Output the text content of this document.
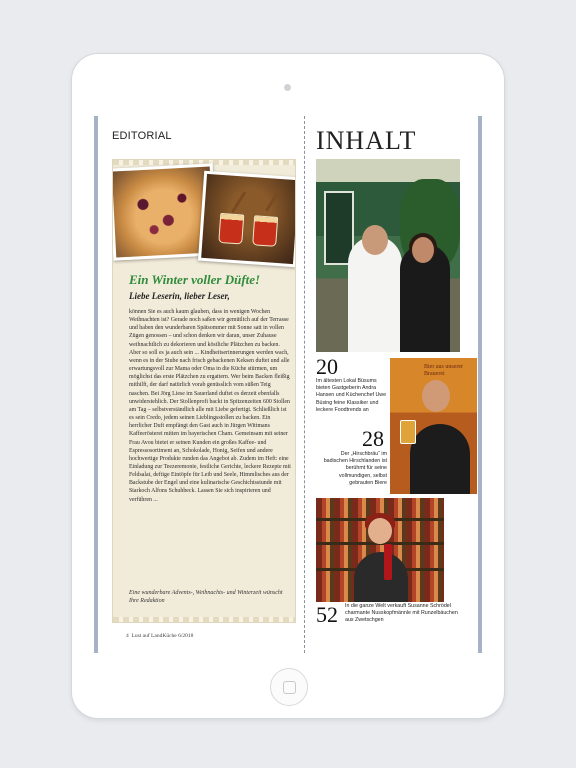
EDITORIAL
Ein Winter voller Düfte!
Liebe Leserin, lieber Leser,

können Sie es auch kaum glauben, dass in wenigen Wochen Weihnachten ist? Gerade noch saßen wir gemütlich auf der Terrasse und haben den wunderbaren Spätsommer mit Sonne satt in vollen Zügen genossen – und schon denken wir daran, unser Zuhause weihnachtlich zu dekorieren und köstliche Plätzchen zu backen. Aber so soll es ja auch sein ... Kindheitserinnerungen werden wach, wenn es in der Stube nach frisch gebackenen Keksen duftet und alle erwartungsvoll zur Mama oder Oma in die Küche stürmen, um möglichst das erste Plätzchen zu ergattern. Wer beim Backen fleißig mithilft, der darf natürlich vorab genüsslich vom süßen Teig naschen. Bei Jörg Liese im Sauerland duftet es derzeit ebenfalls unwiderstehlich. Der Stollenprofi backt in Spitzenzeiten 600 Stollen am Tag – selbstverständlich alle mit Liebe gefertigt. Schließlich ist es sein Credo, jedem seinen Lieblingsstollen zu backen. Ein herrlicher Duft empfängt den Gast auch in Jürgen Wittmans Kaffeerösterei mitten im bayerischen Cham. Gemeinsam mit seiner Frau Avou bietet er seinen Kunden ein großes Kaffee- und Espressosortiment an, Schokolade, Honig, Seifen und andere hochwertige Produkte runden das Angebot ab. Zudem im Heft: eine Einladung zur Teezeremonie, festliche Gerichte, leckere Rezepte mit Feldsalat, deftige Eintöpfe für Leib und Seele, Himmlisches aus der Backstube der Engel und eine kulinarische Geschichtsstunde mit Starkoch Alfons Schuhbeck. Lassen Sie sich inspirieren und verführen ...

Eine wunderbare Advents-, Weihnachts- und Winterzeit wünscht Ihre Redaktion
4 Lust auf LandKüche 6/2018
INHALT
20
Im ältesten Lokal Büsums bieten Gastgeberin Andra Hansen und Küchenchef Uwe Büsing feine Klassiker und leckere Foodtrends an
Bier aus unserer Brauerei
28
Der „Hirschbräu“ im badischen Hirschlanden ist berühmt für seine vollmundigen, selbst gebrauten Biere
52 In die ganze Welt verkauft Susanne Schrödel charmante Nusskopfmännle mit Runzelbäuchen aus Zwetschgen
